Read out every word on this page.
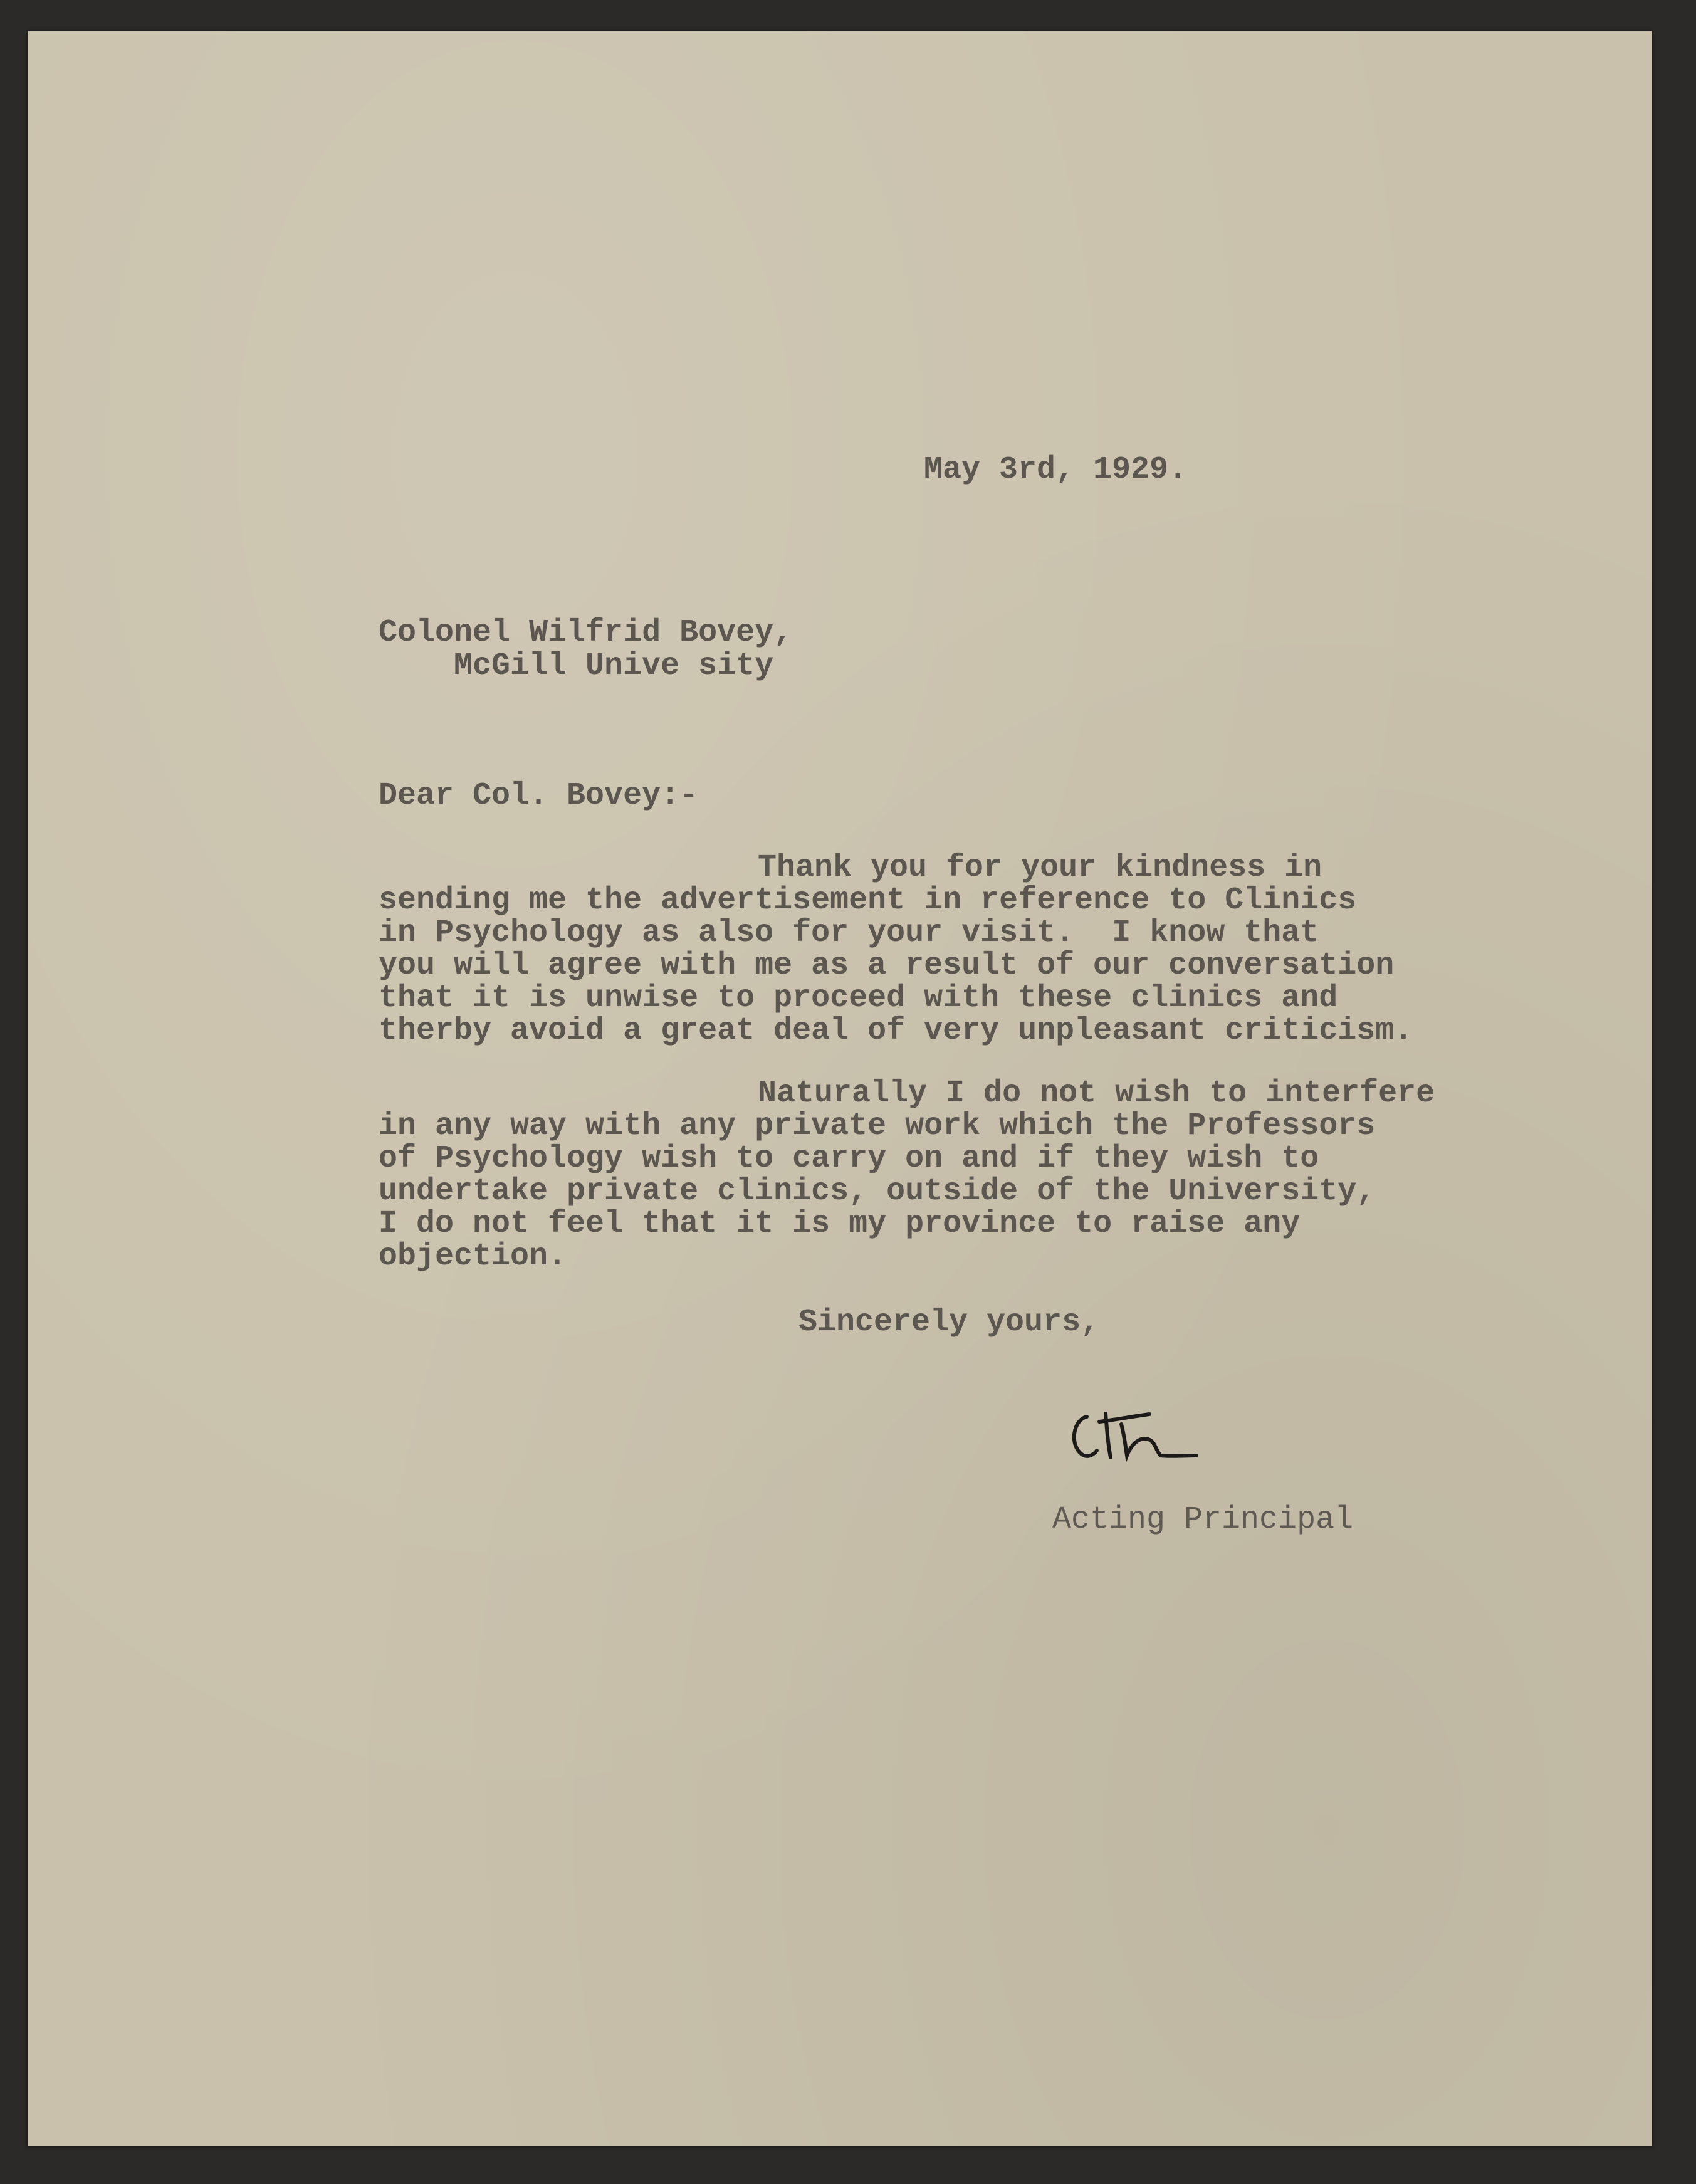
May 3rd, 1929.

Colonel Wilfrid Bovey,

McGill Unive sity

Dear Col. Bovey:-

Thank you for your kindness in

sending me the advertisement in reference to Clinics

in Psychology as also for your visit.  I know that

you will agree with me as a result of our conversation

that it is unwise to proceed with these clinics and

therby avoid a great deal of very unpleasant criticism.

Naturally I do not wish to interfere

in any way with any private work which the Professors

of Psychology wish to carry on and if they wish to

undertake private clinics, outside of the University,

I do not feel that it is my province to raise any

objection.

Sincerely yours,

Acting Principal
